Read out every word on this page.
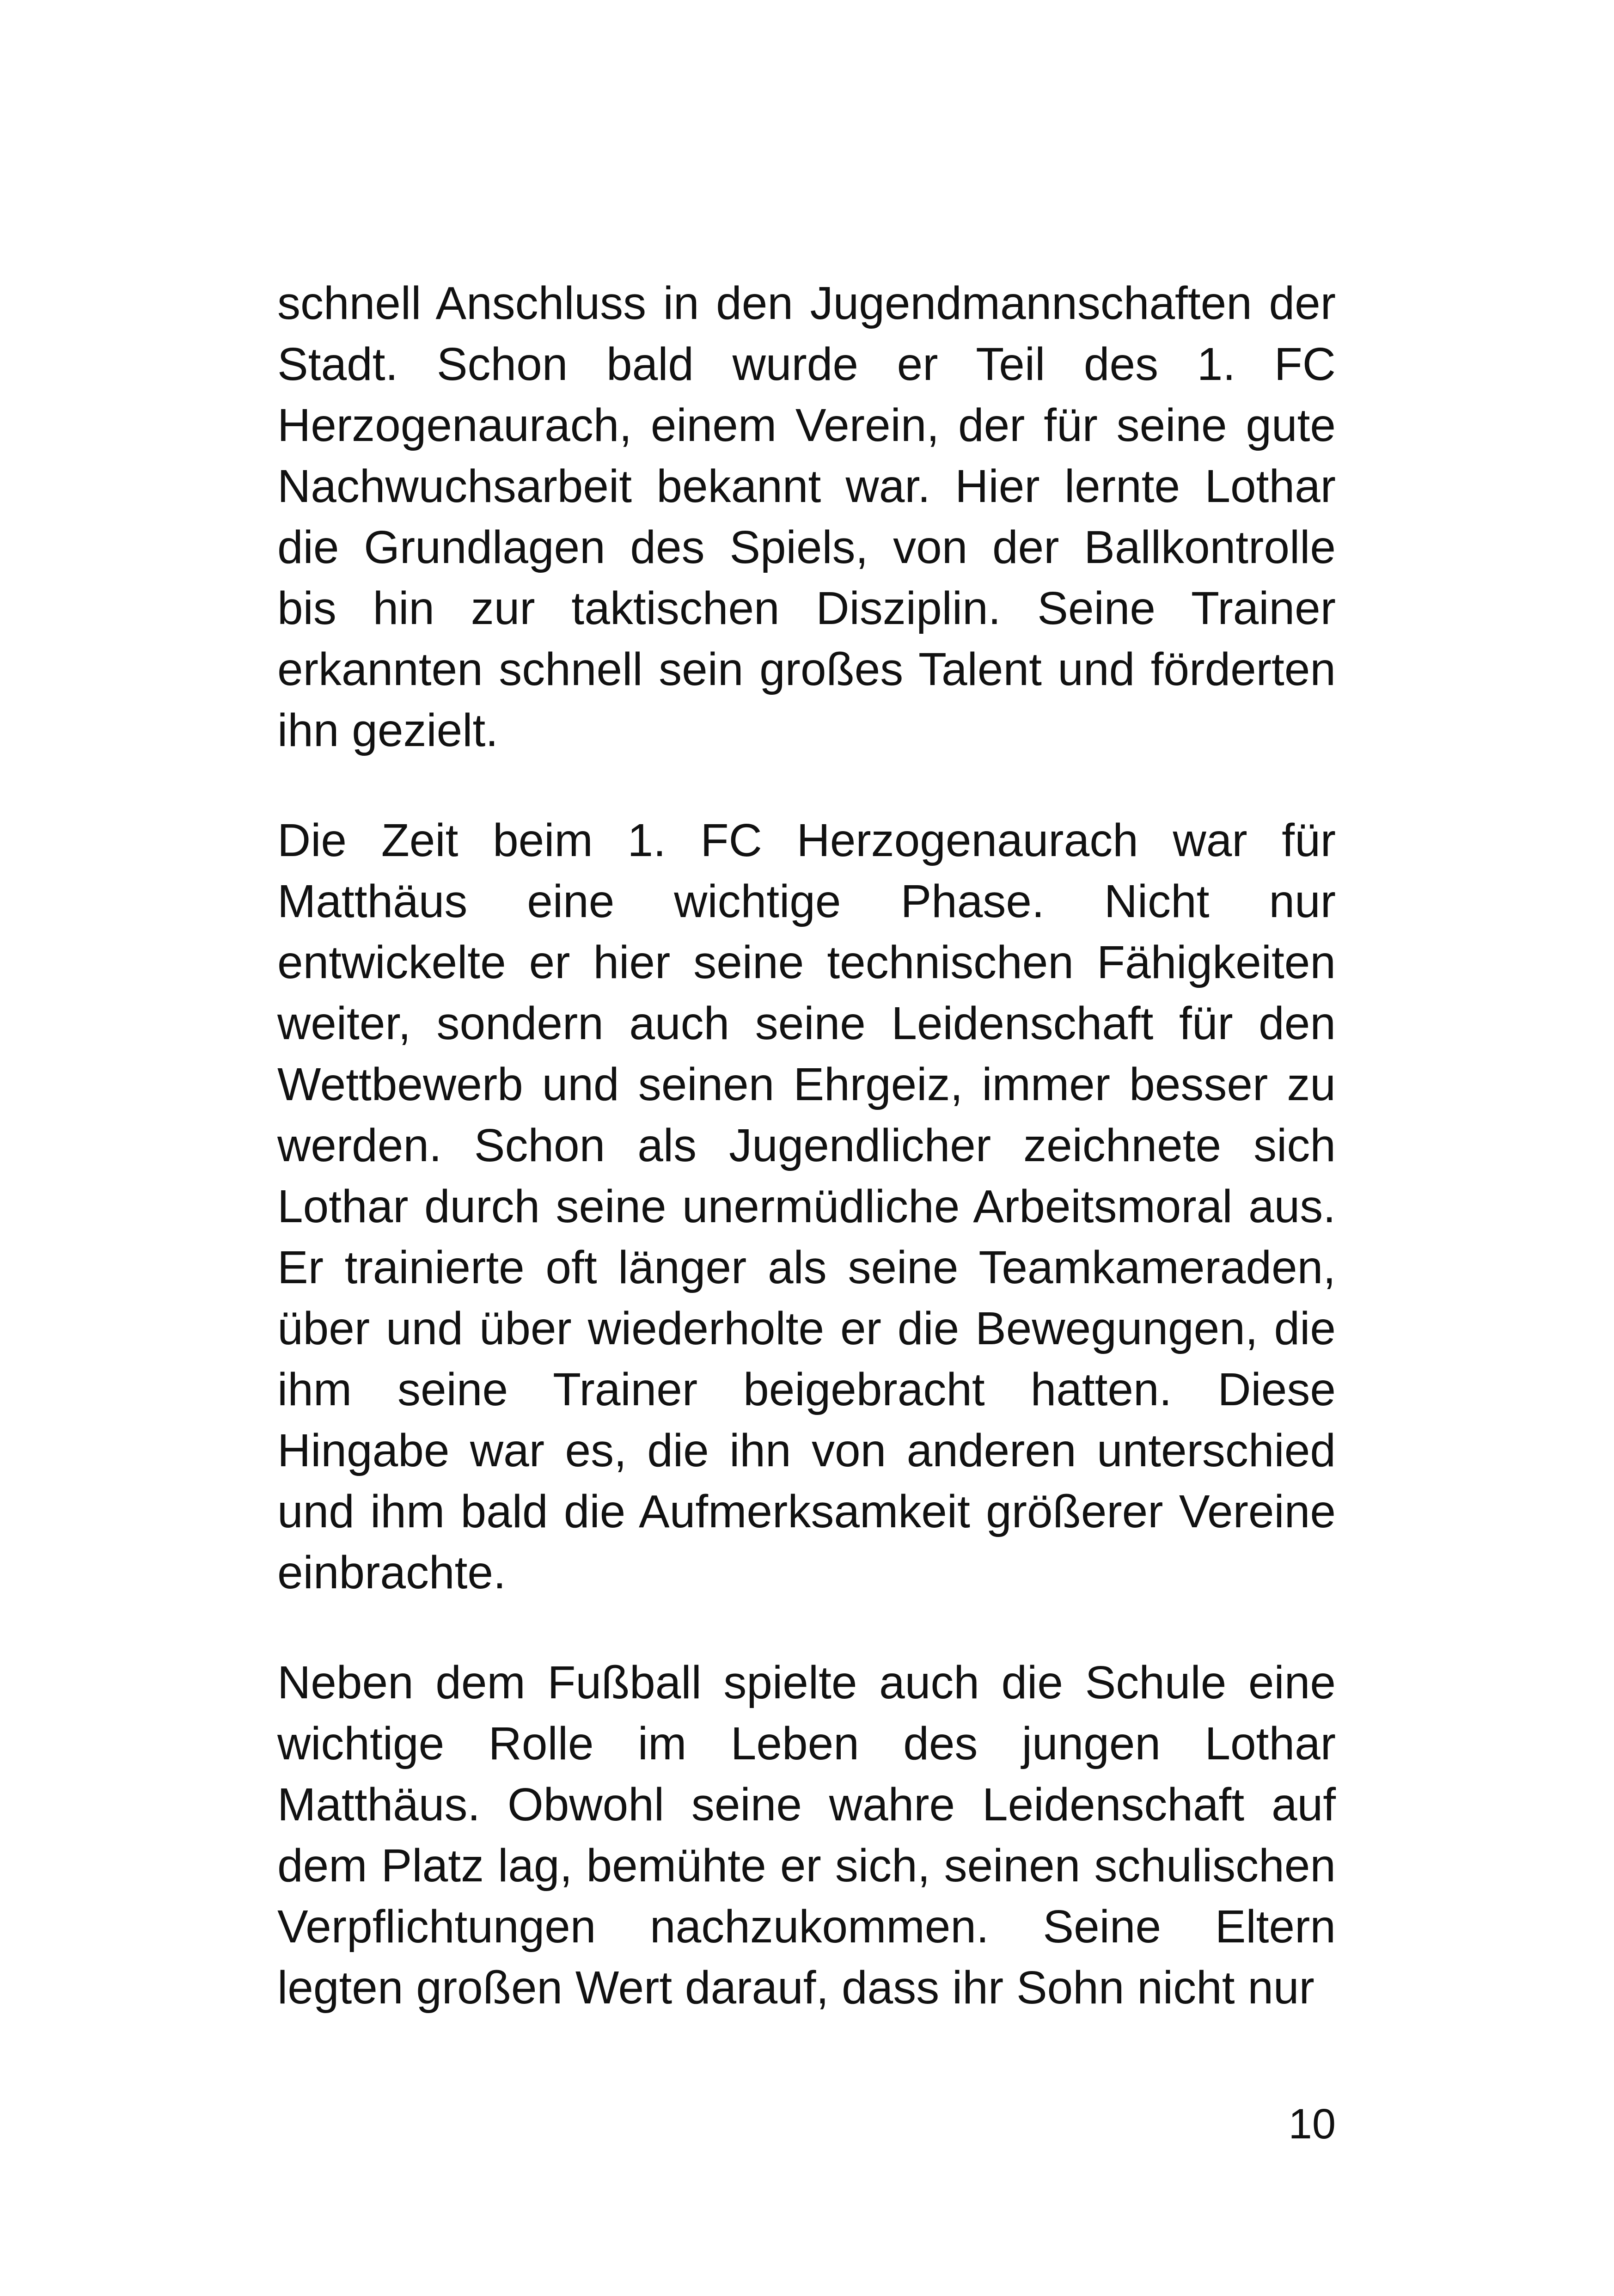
schnell Anschluss in den Jugendmannschaften der Stadt. Schon bald wurde er Teil des 1. FC Herzogenaurach, einem Verein, der für seine gute Nachwuchsarbeit bekannt war. Hier lernte Lothar die Grundlagen des Spiels, von der Ballkontrolle bis hin zur taktischen Disziplin. Seine Trainer erkannten schnell sein großes Talent und förderten ihn gezielt.

Die Zeit beim 1. FC Herzogenaurach war für Matthäus eine wichtige Phase. Nicht nur entwickelte er hier seine technischen Fähigkeiten weiter, sondern auch seine Leidenschaft für den Wettbewerb und seinen Ehrgeiz, immer besser zu werden. Schon als Jugendlicher zeichnete sich Lothar durch seine unermüdliche Arbeitsmoral aus. Er trainierte oft länger als seine Teamkameraden, über und über wiederholte er die Bewegungen, die ihm seine Trainer beigebracht hatten. Diese Hingabe war es, die ihn von anderen unterschied und ihm bald die Aufmerksamkeit größerer Vereine einbrachte.

Neben dem Fußball spielte auch die Schule eine wichtige Rolle im Leben des jungen Lothar Matthäus. Obwohl seine wahre Leidenschaft auf dem Platz lag, bemühte er sich, seinen schulischen Verpflichtungen nachzukommen. Seine Eltern legten großen Wert darauf, dass ihr Sohn nicht nur

10
